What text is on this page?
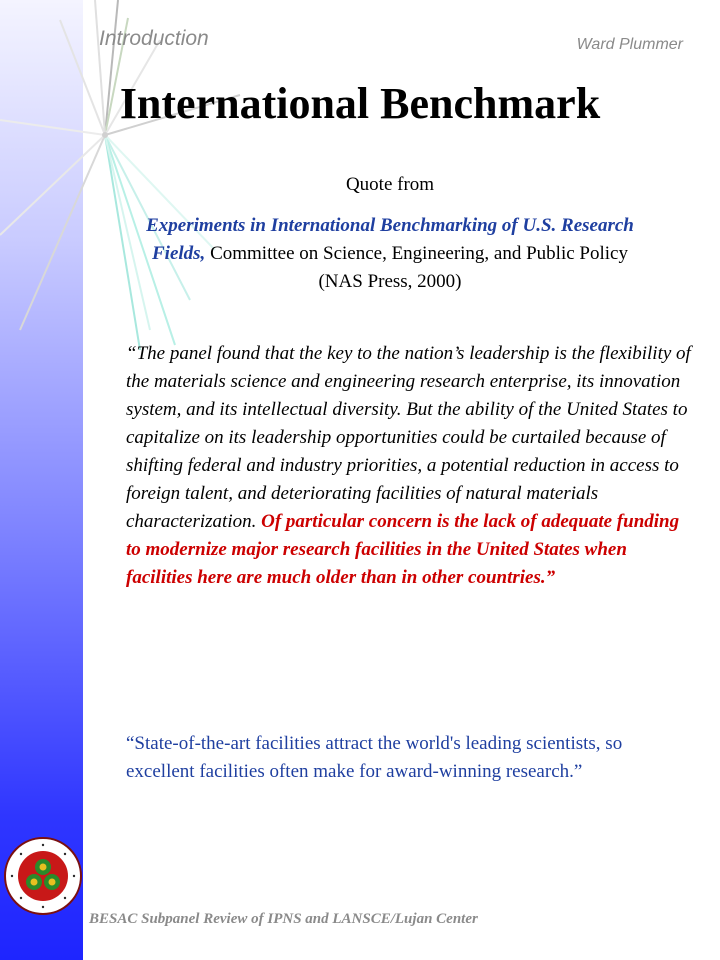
Introduction	Ward Plummer
International Benchmark
Quote from
Experiments in International Benchmarking of U.S. Research Fields, Committee on Science, Engineering, and Public Policy (NAS Press, 2000)
“The panel found that the key to the nation’s leadership is the flexibility of the materials science and engineering research enterprise, its innovation system, and its intellectual diversity. But the ability of the United States to capitalize on its leadership opportunities could be curtailed because of shifting federal and industry priorities, a potential reduction in access to foreign talent, and deteriorating facilities of natural materials characterization. Of particular concern is the lack of adequate funding to modernize major research facilities in the United States when facilities here are much older than in other countries.”
“State-of-the-art facilities attract the world's leading scientists, so excellent facilities often make for award-winning research.”
BESAC Subpanel Review of IPNS and LANSCE/Lujan Center
